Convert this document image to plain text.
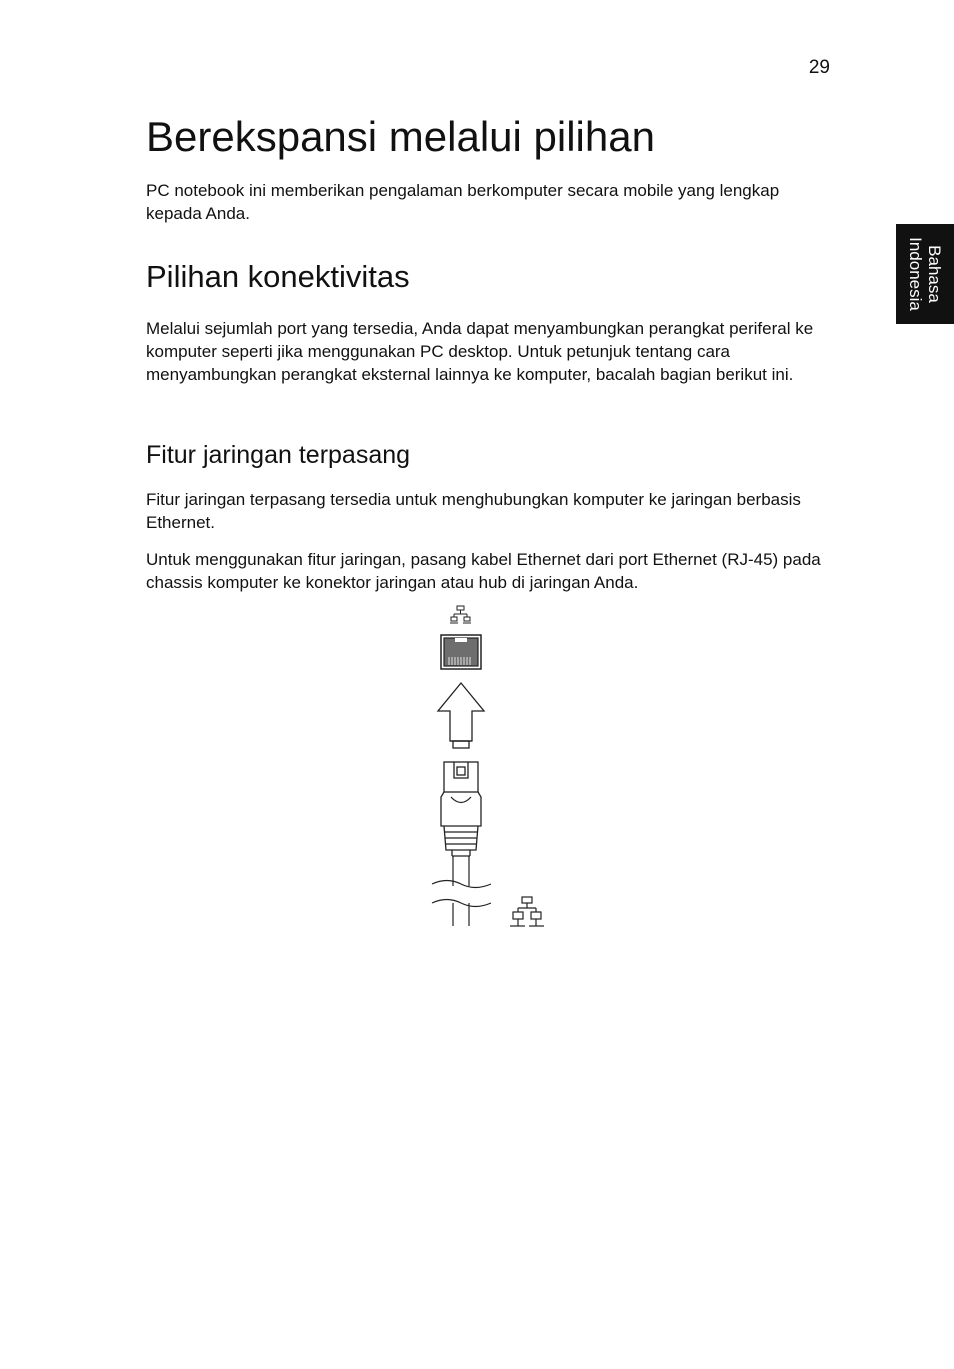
29
Bahasa
Indonesia
Berekspansi melalui pilihan

PC notebook ini memberikan pengalaman berkomputer secara mobile yang lengkap kepada Anda.

Pilihan konektivitas

Melalui sejumlah port yang tersedia, Anda dapat menyambungkan perangkat periferal ke komputer seperti jika menggunakan PC desktop. Untuk petunjuk tentang cara menyambungkan perangkat eksternal lainnya ke komputer, bacalah bagian berikut ini.

Fitur jaringan terpasang

Fitur jaringan terpasang tersedia untuk menghubungkan komputer ke jaringan berbasis Ethernet.

Untuk menggunakan fitur jaringan, pasang kabel Ethernet dari port Ethernet (RJ-45) pada chassis komputer ke konektor jaringan atau hub di jaringan Anda.
